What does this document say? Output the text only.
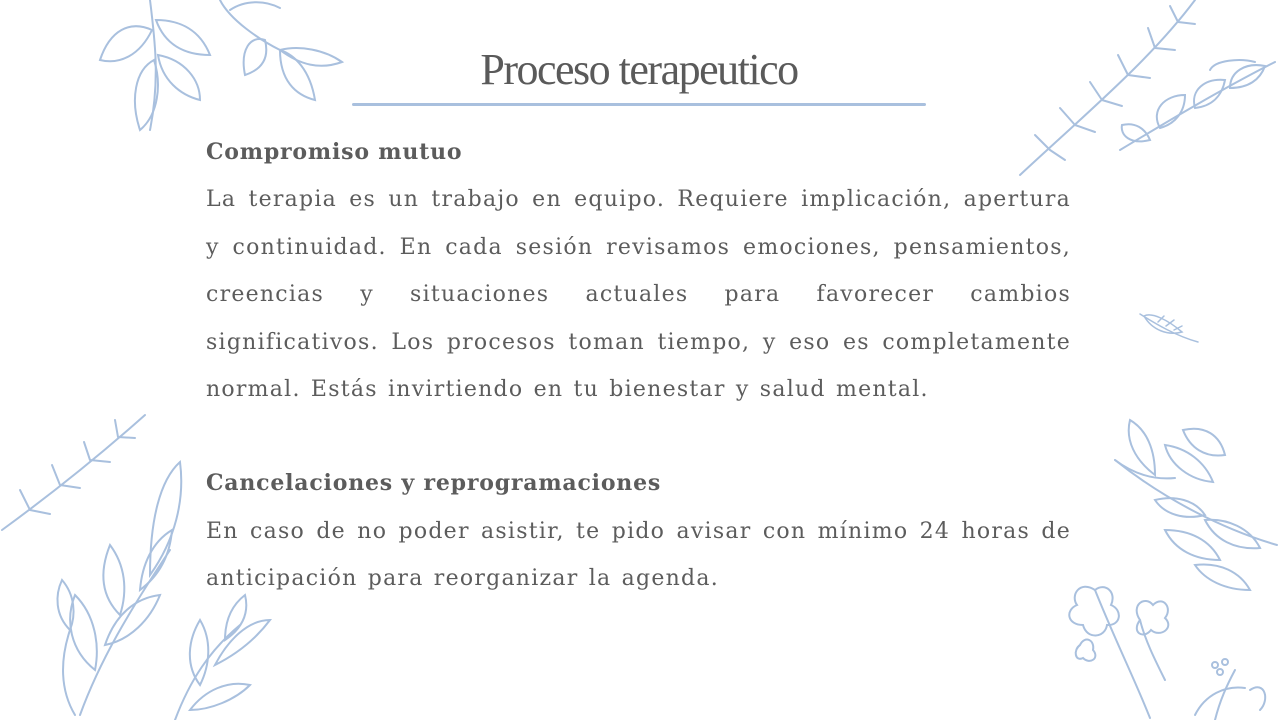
Proceso terapeutico

Compromiso mutuo

La terapia es un trabajo en equipo. Requiere implicación, apertura y continuidad. En cada sesión revisamos emociones, pensamientos, creencias y situaciones actuales para favorecer cambios significativos. Los procesos toman tiempo, y eso es completamente normal. Estás invirtiendo en tu bienestar y salud mental.

Cancelaciones y reprogramaciones

En caso de no poder asistir, te pido avisar con mínimo 24 horas de anticipación para reorganizar la agenda.
